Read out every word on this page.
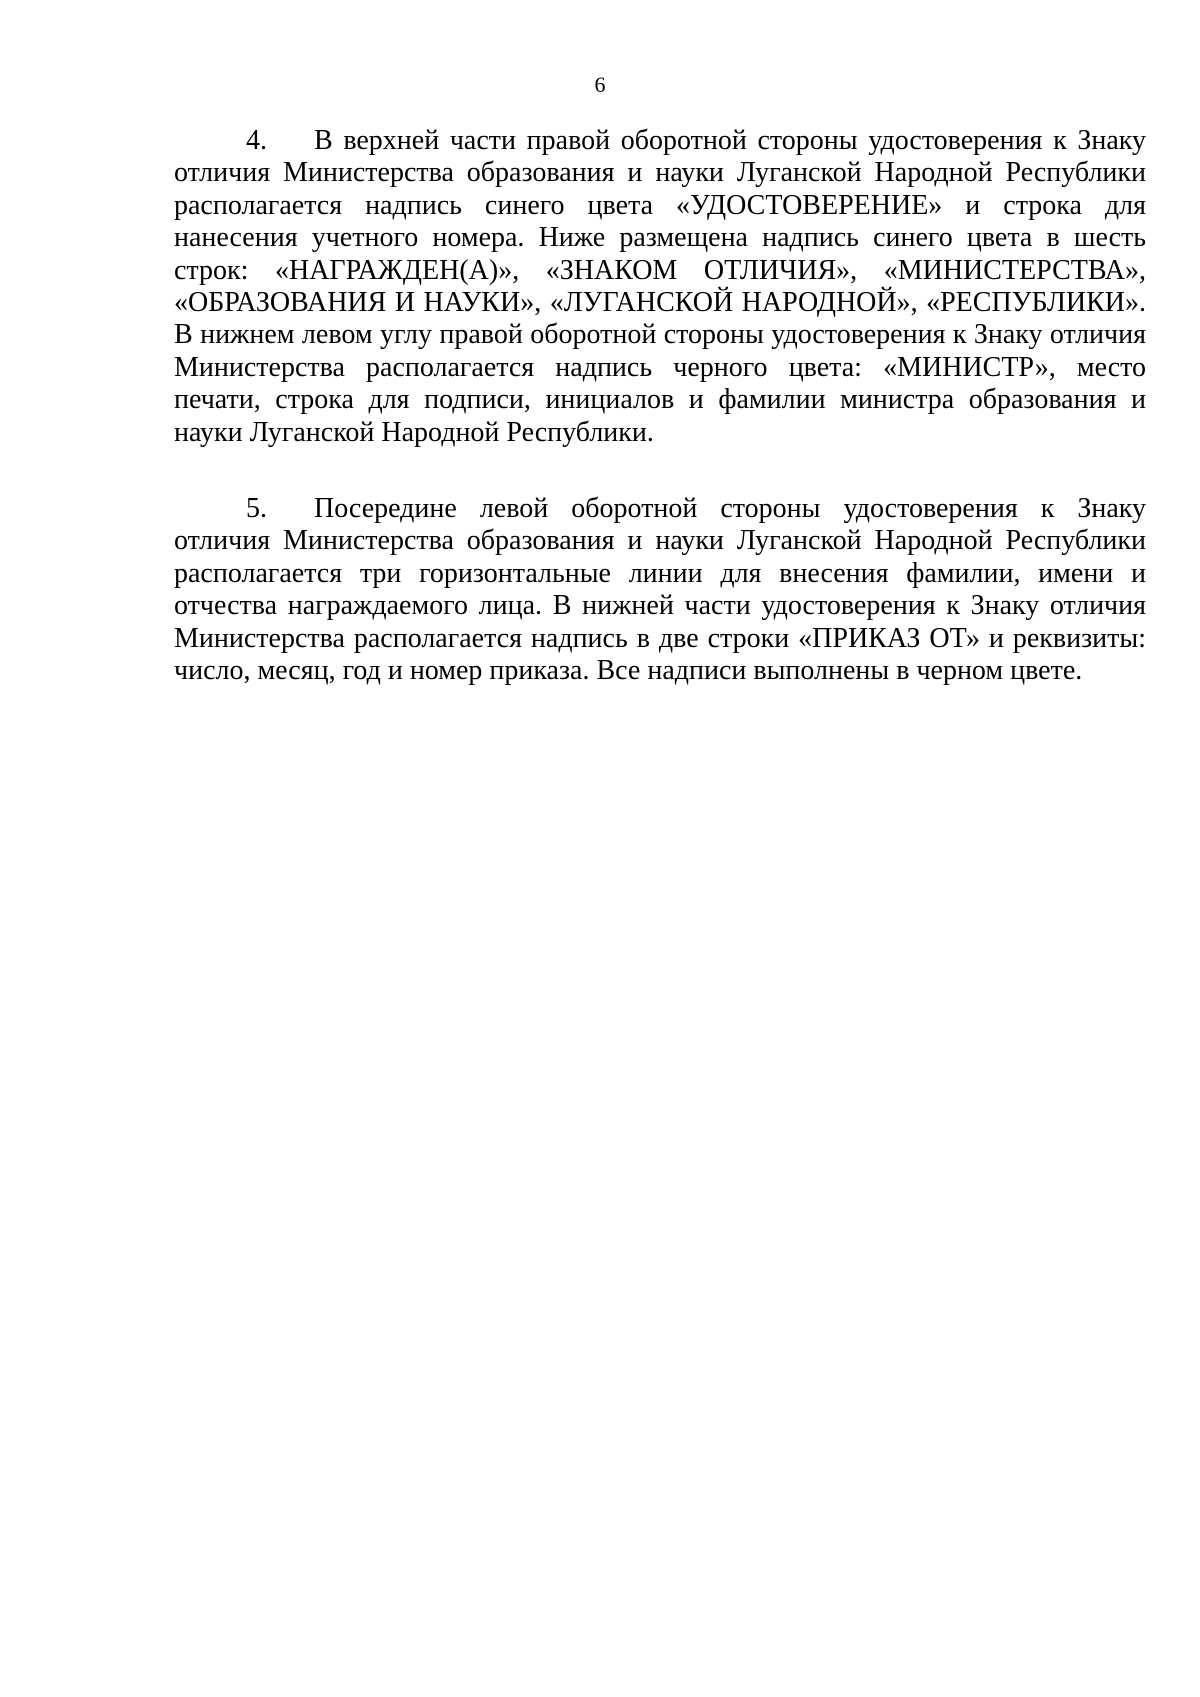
6

4. В верхней части правой оборотной стороны удостоверения к Знаку отличия Министерства образования и науки Луганской Народной Республики располагается надпись синего цвета «УДОСТОВЕРЕНИЕ» и строка для нанесения учетного номера. Ниже размещена надпись синего цвета в шесть строк: «НАГРАЖДЕН(А)», «ЗНАКОМ ОТЛИЧИЯ», «МИНИСТЕРСТВА», «ОБРАЗОВАНИЯ И НАУКИ», «ЛУГАНСКОЙ НАРОДНОЙ», «РЕСПУБЛИКИ». В нижнем левом углу правой оборотной стороны удостоверения к Знаку отличия Министерства располагается надпись черного цвета: «МИНИСТР», место печати, строка для подписи, инициалов и фамилии министра образования и науки Луганской Народной Республики.

5. Посередине левой оборотной стороны удостоверения к Знаку отличия Министерства образования и науки Луганской Народной Республики располагается три горизонтальные линии для внесения фамилии, имени и отчества награждаемого лица. В нижней части удостоверения к Знаку отличия Министерства располагается надпись в две строки «ПРИКАЗ ОТ» и реквизиты: число, месяц, год и номер приказа. Все надписи выполнены в черном цвете.
